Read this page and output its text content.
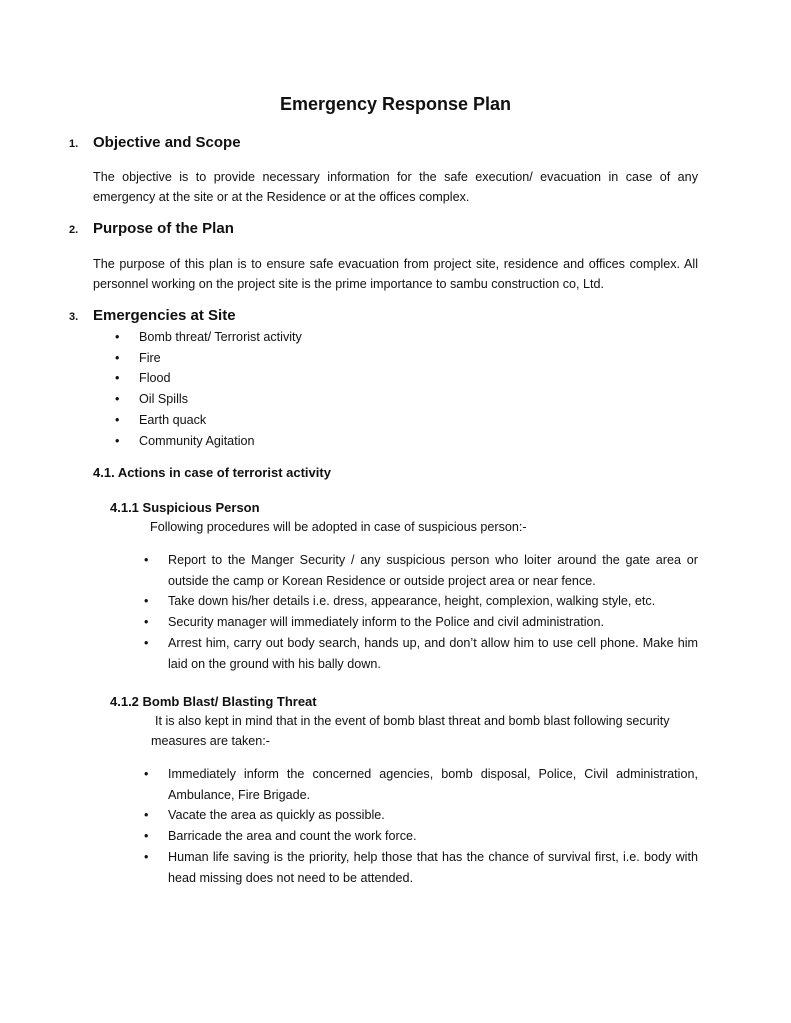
Emergency Response Plan
1. Objective and Scope

The objective is to provide necessary information for the safe execution/ evacuation in case of any emergency at the site or at the Residence or at the offices complex.

2. Purpose of the Plan

The purpose of this plan is to ensure safe evacuation from project site, residence and offices complex. All personnel working on the project site is the prime importance to sambu construction co, Ltd.

3. Emergencies at Site
• Bomb threat/ Terrorist activity
• Fire
• Flood
• Oil Spills
• Earth quack
• Community Agitation

4.1. Actions in case of terrorist activity

4.1.1 Suspicious Person

Following procedures will be adopted in case of suspicious person:-

• Report to the Manger Security / any suspicious person who loiter around the gate area or outside the camp or Korean Residence or outside project area or near fence.
• Take down his/her details i.e. dress, appearance, height, complexion, walking style, etc.
• Security manager will immediately inform to the Police and civil administration.
• Arrest him, carry out body search, hands up, and don’t allow him to use cell phone. Make him laid on the ground with his bally down.

4.1.2 Bomb Blast/ Blasting Threat

It is also kept in mind that in the event of bomb blast threat and bomb blast following security measures are taken:-

• Immediately inform the concerned agencies, bomb disposal, Police, Civil administration, Ambulance, Fire Brigade.
• Vacate the area as quickly as possible.
• Barricade the area and count the work force.
• Human life saving is the priority, help those that has the chance of survival first, i.e. body with head missing does not need to be attended.
